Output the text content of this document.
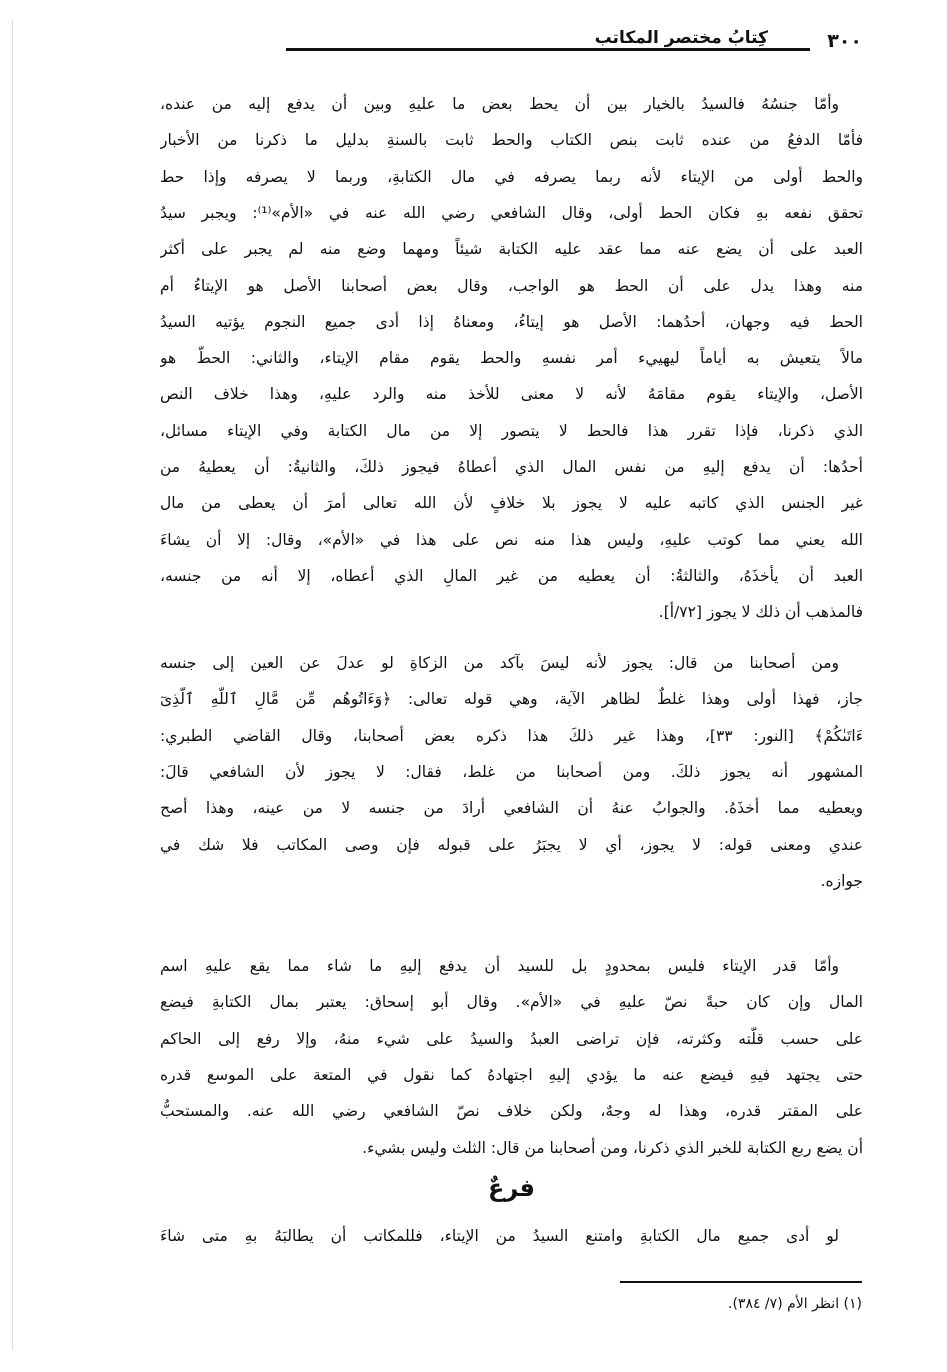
٣٠٠
كِتابُ مختصر المكاتب
وأمّا جنسُهُ فالسيدُ بالخيار بين أن يحط بعض ما عليهِ وبين أن يدفع إليه من عنده،
فأمّا الدفعُ من عنده ثابت بنص الكتاب والحط ثابت بالسنةِ بدليل ما ذكرنا من الأخبار
والحط أولى من الإيتاء لأنه ربما يصرفه في مال الكتابةِ، وربما لا يصرفه وإذا حط
تحقق نفعه بهِ فكان الحط أولى، وقال الشافعي رضي الله عنه في «الأم»⁽¹⁾: ويجبر سيدُ
العبد على أن يضع عنه مما عقد عليه الكتابة شيئاً ومهما وضع منه لم يجبر على أكثر
منه وهذا يدل على أن الحط هو الواجب، وقال بعض أصحابنا الأصل هو الإيتاءُ أم
الحط فيه وجهان، أحدُهما: الأصل هو إيتاءُ، ومعناهُ إذا أدى جميع النجوم يؤتيه السيدُ
مالاً يتعيش به أياماً ليهييء أمر نفسهِ والحط يقوم مقام الإيتاء، والثاني: الحطُّ هو
الأصل، والإيتاء يقوم مقامَهُ لأنه لا معنى للأخذ منه والرد عليهِ، وهذا خلاف النص
الذي ذكرنا، فإذا تقرر هذا فالحط لا يتصور إلا من مال الكتابة وفي الإيتاء مسائل،
أحدُها: أن يدفع إليهِ من نفس المال الذي أعطاهُ فيجوز ذلكَ، والثانيةُ: أن يعطيهُ من
غير الجنس الذي كاتبه عليه لا يجوز بلا خلافٍ لأن الله تعالى أمرَ أن يعطى من مال
الله يعني مما كوتب عليهِ، وليس هذا منه نص على هذا في «الأم»، وقال: إلا أن يشاءَ
العبد أن يأخذَهُ، والثالثةُ: أن يعطيه من غير المالِ الذي أعطاه، إلا أنه من جنسه،
فالمذهب أن ذلك لا يجوز [٧٢/أ].
ومن أصحابنا من قال: يجوز لأنه ليسَ بآكد من الزكاةِ لو عدلَ عن العين إلى جنسه
جاز، فهذا أولى وهذا غلطٌ لظاهر الآية، وهي قوله تعالى: ﴿وَءَاتُوهُم مِّن مَّالِ ٱللَّهِ ٱلَّذِىٓ
ءَاتَىٰكُمْ﴾ [النور: ٣٣]، وهذا غير ذلكَ هذا ذكره بعض أصحابنا، وقال القاضي الطبري:
المشهور أنه يجوز ذلكَ. ومن أصحابنا من غلط، فقال: لا يجوز لأن الشافعي قالَ:
ويعطيه مما أخذَهُ. والجوابُ عنهُ أن الشافعي أرادَ من جنسه لا من عينه، وهذا أصح
عندي ومعنى قوله: لا يجوز، أي لا يجبَرُ على قبوله فإن وصى المكاتب فلا شك في
جوازه.
وأمّا قدر الإيتاء فليس بمحدودٍ بل للسيد أن يدفع إليهِ ما شاء مما يقع عليهِ اسم
المال وإن كان حبةً نصّ عليهِ في «الأم». وقال أبو إسحاق: يعتبر بمال الكتابةِ فيضع
على حسب قلّته وكثرته، فإن تراضى العبدُ والسيدُ على شيء منهُ، وإلا رفع إلى الحاكم
حتى يجتهد فيهِ فيضع عنه ما يؤدي إليهِ اجتهادهُ كما نقول في المتعة على الموسع قدره
على المقتر قدره، وهذا له وجهٌ، ولكن خلاف نصّ الشافعي رضي الله عنه. والمستحبُّ
أن يضع ربع الكتابة للخبر الذي ذكرنا، ومن أصحابنا من قال: الثلث وليس بشيء.
فرعٌ
لو أدى جميع مال الكتابةِ وامتنع السيدُ من الإيتاء، فللمكاتب أن يطالبَهُ بهِ متى شاءَ
(١) انظر الأم (٧/ ٣٨٤).
